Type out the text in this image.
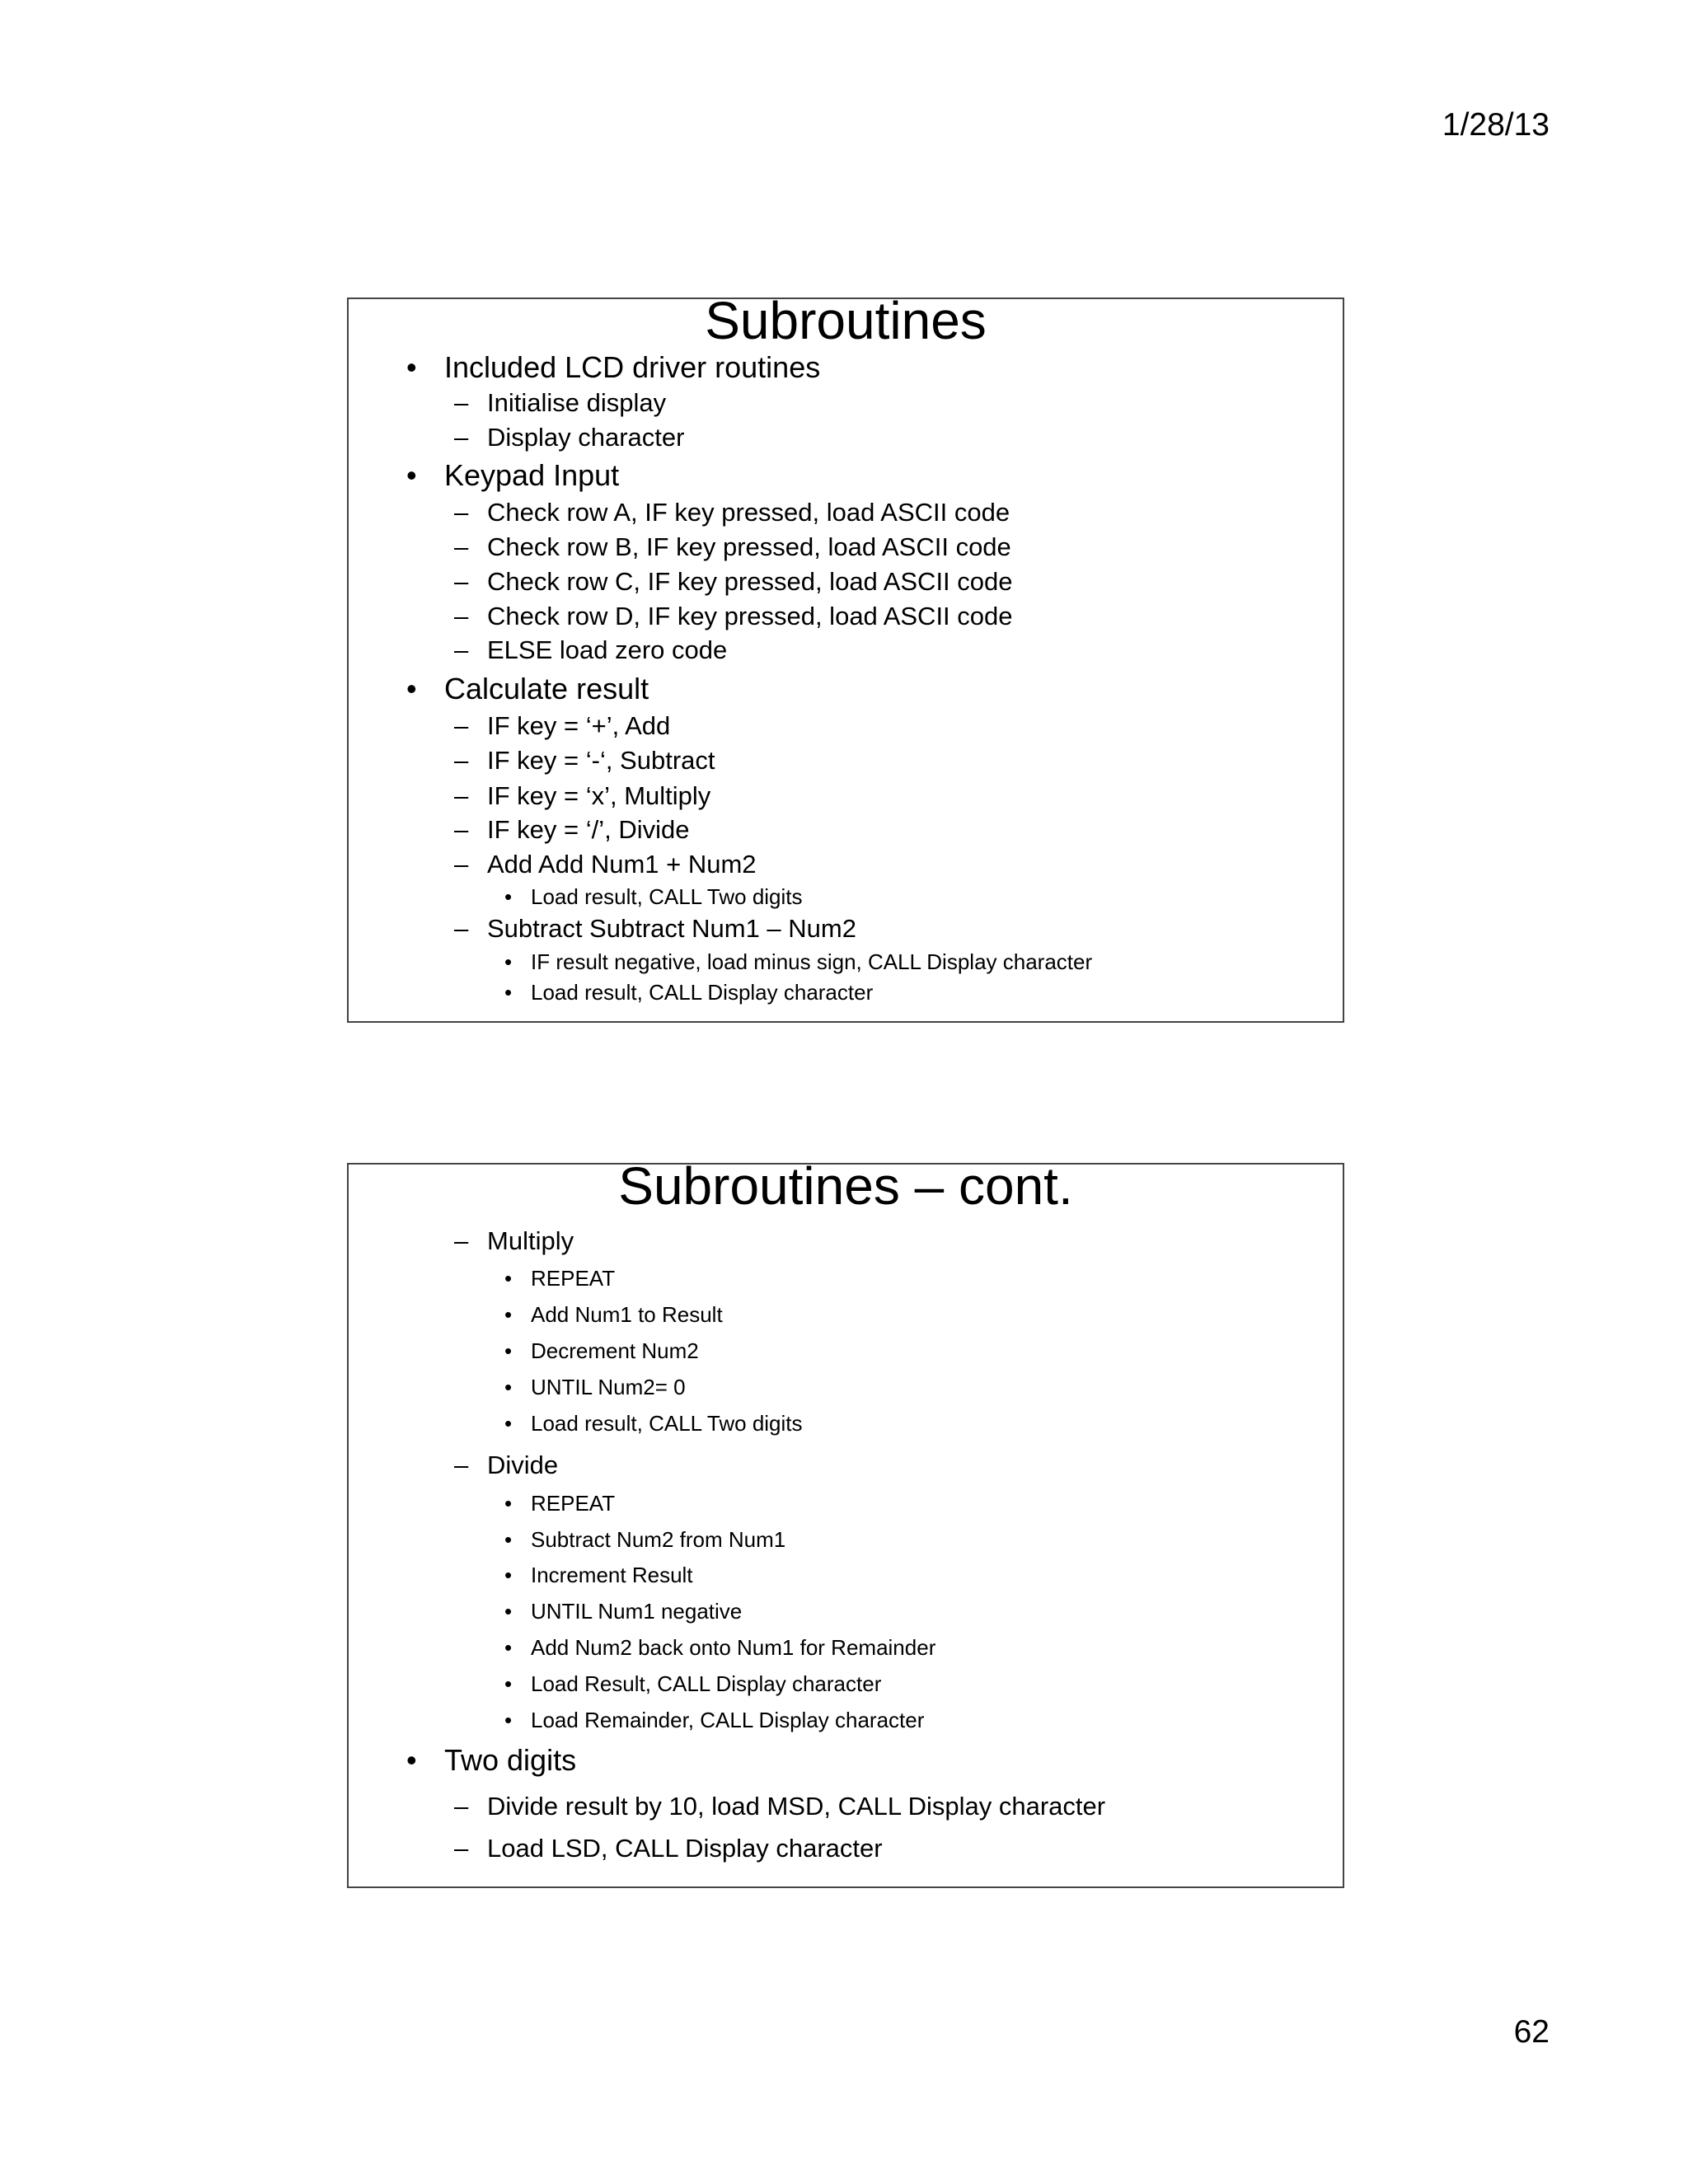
1/28/13
Subroutines
• Included LCD driver routines
– Initialise display
– Display character
• Keypad Input
– Check row A, IF key pressed, load ASCII code
– Check row B, IF key pressed, load ASCII code
– Check row C, IF key pressed, load ASCII code
– Check row D, IF key pressed, load ASCII code
– ELSE load zero code
• Calculate result
– IF key = ‘+’, Add
– IF key = ‘-‘, Subtract
– IF key = ‘x’, Multiply
– IF key = ‘/’, Divide
– Add Add Num1 + Num2
• Load result, CALL Two digits
– Subtract Subtract Num1 – Num2
• IF result negative, load minus sign, CALL Display character
• Load result, CALL Display character
Subroutines – cont.
– Multiply
• REPEAT
• Add Num1 to Result
• Decrement Num2
• UNTIL Num2= 0
• Load result, CALL Two digits
– Divide
• REPEAT
• Subtract Num2 from Num1
• Increment Result
• UNTIL Num1 negative
• Add Num2 back onto Num1 for Remainder
• Load Result, CALL Display character
• Load Remainder, CALL Display character
• Two digits
– Divide result by 10, load MSD, CALL Display character
– Load LSD, CALL Display character
62
